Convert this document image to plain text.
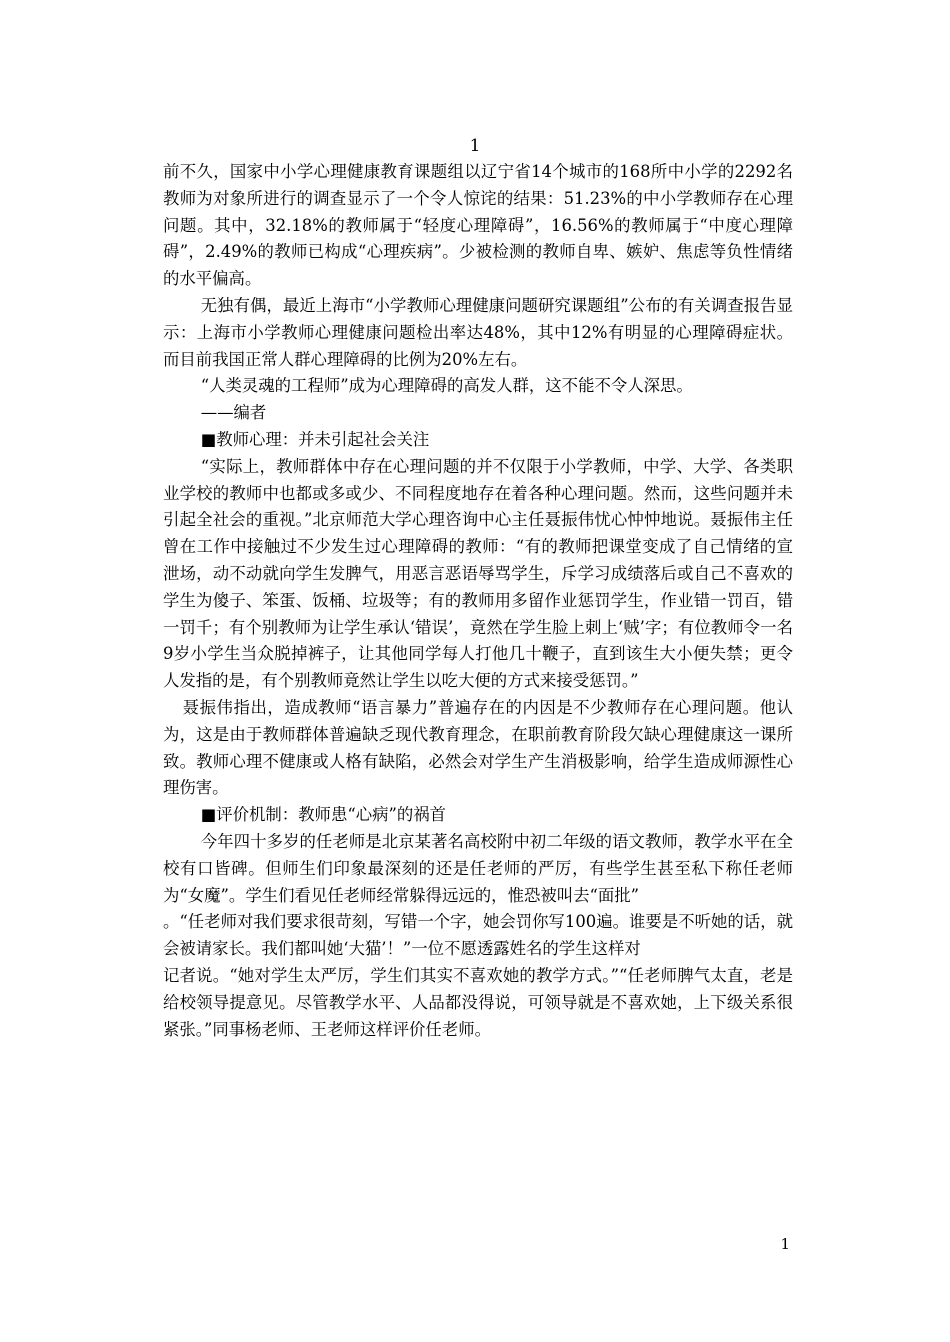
1

前不久，国家中小学心理健康教育课题组以辽宁省14个城市的168所中小学的2292名教师为对象所进行的调查显示了一个令人惊诧的结果：51.23%的中小学教师存在心理问题。其中，32.18%的教师属于“轻度心理障碍”，16.56%的教师属于“中度心理障碍”，2.49%的教师已构成“心理疾病”。少被检测的教师自卑、嫉妒、焦虑等负性情绪的水平偏高。

无独有偶，最近上海市“小学教师心理健康问题研究课题组”公布的有关调查报告显示：上海市小学教师心理健康问题检出率达48%，其中12%有明显的心理障碍症状。而目前我国正常人群心理障碍的比例为20%左右。

“人类灵魂的工程师”成为心理障碍的高发人群，这不能不令人深思。

——编者

■教师心理：并未引起社会关注

“实际上，教师群体中存在心理问题的并不仅限于小学教师，中学、大学、各类职业学校的教师中也都或多或少、不同程度地存在着各种心理问题。然而，这些问题并未引起全社会的重视。”北京师范大学心理咨询中心主任聂振伟忧心忡忡地说。聂振伟主任曾在工作中接触过不少发生过心理障碍的教师：“有的教师把课堂变成了自己情绪的宣泄场，动不动就向学生发脾气，用恶言恶语辱骂学生，斥学习成绩落后或自己不喜欢的学生为傻子、笨蛋、饭桶、垃圾等；有的教师用多留作业惩罚学生，作业错一罚百，错一罚千；有个别教师为让学生承认‘错误’，竟然在学生脸上刺上‘贼’字；有位教师令一名9岁小学生当众脱掉裤子，让其他同学每人打他几十鞭子，直到该生大小便失禁；更令人发指的是，有个别教师竟然让学生以吃大便的方式来接受惩罚。”

聂振伟指出，造成教师“语言暴力”普遍存在的内因是不少教师存在心理问题。他认为，这是由于教师群体普遍缺乏现代教育理念，在职前教育阶段欠缺心理健康这一课所致。教师心理不健康或人格有缺陷，必然会对学生产生消极影响，给学生造成师源性心理伤害。

■评价机制：教师患“心病”的祸首

今年四十多岁的任老师是北京某著名高校附中初二年级的语文教师，教学水平在全校有口皆碑。但师生们印象最深刻的还是任老师的严厉，有些学生甚至私下称任老师为“女魔”。学生们看见任老师经常躲得远远的，惟恐被叫去“面批”

。“任老师对我们要求很苛刻，写错一个字，她会罚你写100遍。谁要是不听她的话，就会被请家长。我们都叫她‘大猫’！”一位不愿透露姓名的学生这样对

记者说。“她对学生太严厉，学生们其实不喜欢她的教学方式。”“任老师脾气太直，老是给校领导提意见。尽管教学水平、人品都没得说，可领导就是不喜欢她，上下级关系很紧张。”同事杨老师、王老师这样评价任老师。

1
